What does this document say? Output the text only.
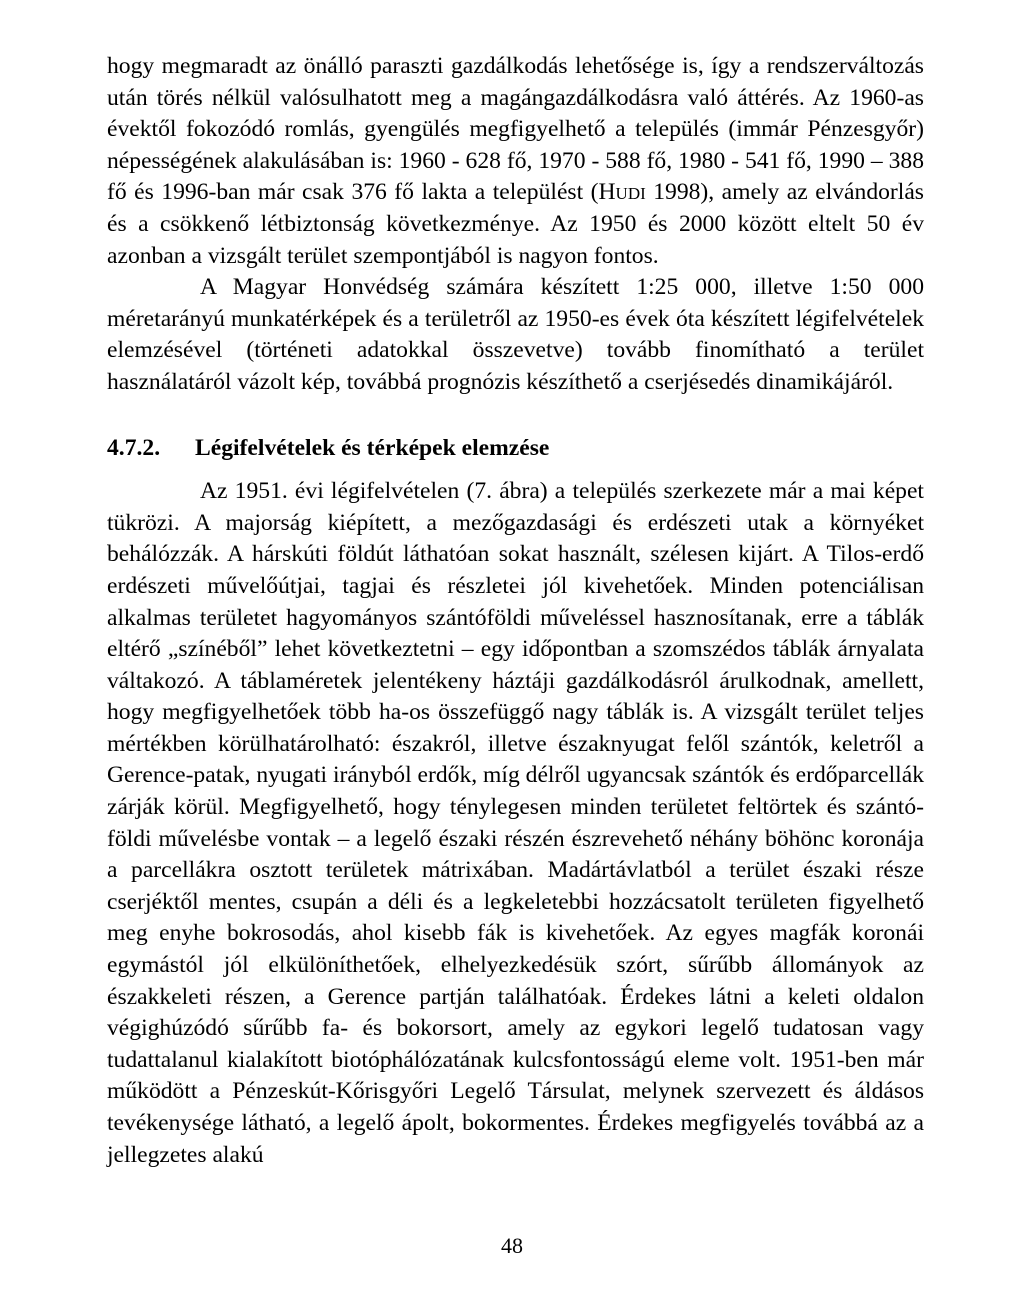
hogy megmaradt az önálló paraszti gazdálkodás lehetősége is, így a rendszerváltozás után törés nélkül valósulhatott meg a magángazdálkodásra való áttérés. Az 1960-as évektől fokozódó romlás, gyengülés megfigyelhető a település (immár Pénzesgyőr) népességének alakulásában is: 1960 - 628 fő, 1970 - 588 fő, 1980 - 541 fő, 1990 – 388 fő és 1996-ban már csak 376 fő lakta a települést (Hudi 1998), amely az elvándorlás és a csökkenő létbiztonság következménye. Az 1950 és 2000 között eltelt 50 év azonban a vizsgált terület szempontjából is nagyon fontos.

A Magyar Honvédség számára készített 1:25 000, illetve 1:50 000 méretarányú munkatérképek és a területről az 1950-es évek óta készített légifelvételek elemzésével (történeti adatokkal összevetve) tovább finomítható a terület használatáról vázolt kép, továbbá prognózis készíthető a cserjésedés dinamikájáról.

4.7.2.	Légifelvételek és térképek elemzése

Az 1951. évi légifelvételen (7. ábra) a település szerkezete már a mai képet tükrözi. A majorság kiépített, a mezőgazdasági és erdészeti utak a környéket behálózzák. A hárskúti földút láthatóan sokat használt, szélesen kijárt. A Tilos-erdő erdészeti művelőútjai, tagjai és részletei jól kivehetőek. Minden potenciálisan alkalmas területet hagyományos szántóföldi műveléssel hasznosítanak, erre a táblák eltérő „színéből” lehet következtetni – egy időpontban a szomszédos táblák árnyalata váltakozó. A táblaméretek jelentékeny háztáji gazdálkodásról árulkodnak, amellett, hogy megfigyelhetőek több ha-os összefüggő nagy táblák is. A vizsgált terület teljes mértékben körülhatárolható: északról, illetve északnyugat felől szántók, keletről a Gerence-patak, nyugati irányból erdők, míg délről ugyancsak szántók és erdőparcellák zárják körül. Megfigyelhető, hogy ténylegesen minden területet feltörtek és szántóföldi művelésbe vontak – a legelő északi részén észrevehető néhány böhönc koronája a parcellákra osztott területek mátrixában. Madártávlatból a terület északi része cserjéktől mentes, csupán a déli és a legkeletebbi hozzácsatolt területen figyelhető meg enyhe bokrosodás, ahol kisebb fák is kivehetőek. Az egyes magfák koronái egymástól jól elkülöníthetőek, elhelyezkedésük szórt, sűrűbb állományok az északkeleti részen, a Gerence partján találhatóak. Érdekes látni a keleti oldalon végighúzódó sűrűbb fa- és bokorsort, amely az egykori legelő tudatosan vagy tudattalanul kialakított biotóphálózatának kulcsfontosságú eleme volt. 1951-ben már működött a Pénzeskút-Kőrisgyőri Legelő Társulat, melynek szervezett és áldásos tevékenysége látható, a legelő ápolt, bokormentes. Érdekes megfigyelés továbbá az a jellegzetes alakú

48
